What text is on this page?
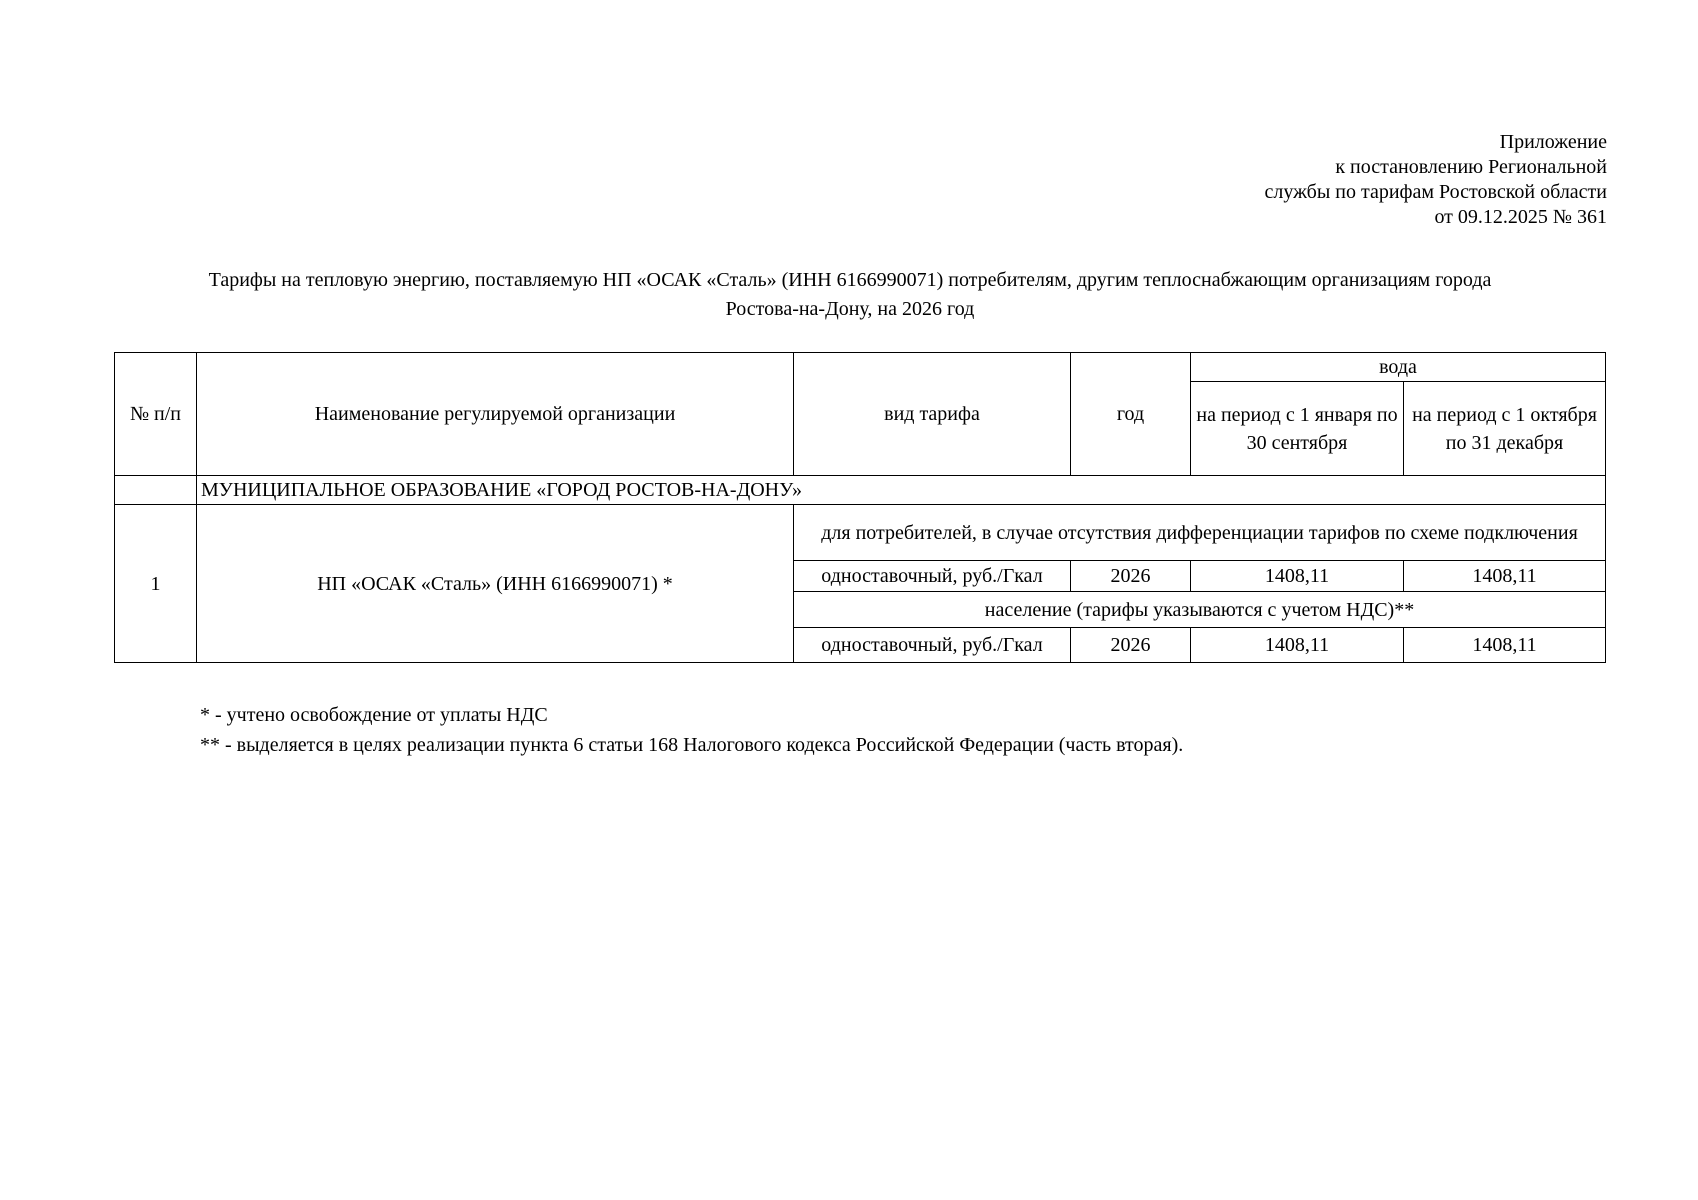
Приложение
к постановлению Региональной
службы по тарифам Ростовской области
от 09.12.2025 № 361
Тарифы на тепловую энергию, поставляемую НП «ОСАК «Сталь» (ИНН 6166990071) потребителям, другим теплоснабжающим организациям города
Ростова-на-Дону, на 2026 год
№ п/п	Наименование регулируемой организации	вид тарифа	год	вода	
				на период с 1 января по 30 сентября	на период с 1 октября по 31 декабря
	МУНИЦИПАЛЬНОЕ ОБРАЗОВАНИЕ «ГОРОД РОСТОВ-НА-ДОНУ»				
1	НП «ОСАК «Сталь» (ИНН 6166990071) *	для потребителей, в случае отсутствия дифференциации тарифов по схеме подключения			
		одноставочный, руб./Гкал	2026	1408,11	1408,11
		население (тарифы указываются с учетом НДС)**			
		одноставочный, руб./Гкал	2026	1408,11	1408,11
* - учтено освобождение от уплаты НДС
** - выделяется в целях реализации пункта 6 статьи 168 Налогового кодекса Российской Федерации (часть вторая).
